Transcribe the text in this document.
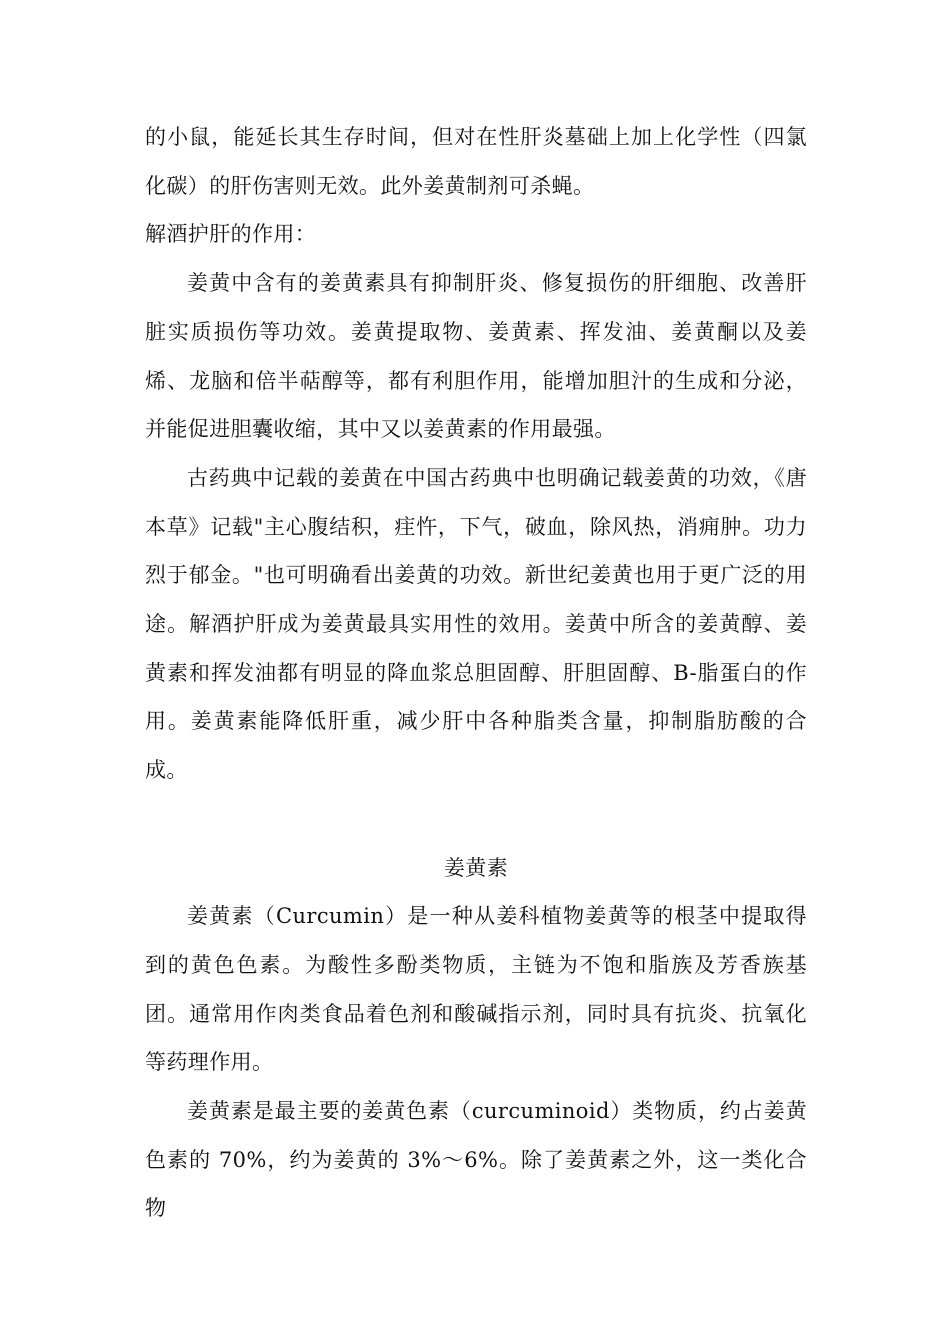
的小鼠，能延长其生存时间，但对在性肝炎墓础上加上化学性（四氯化碳）的肝伤害则无效。此外姜黄制剂可杀蝇。

解酒护肝的作用：

姜黄中含有的姜黄素具有抑制肝炎、修复损伤的肝细胞、改善肝脏实质损伤等功效。姜黄提取物、姜黄素、挥发油、姜黄酮以及姜烯、龙脑和倍半萜醇等，都有利胆作用，能增加胆汁的生成和分泌，并能促进胆囊收缩，其中又以姜黄素的作用最强。

古药典中记载的姜黄在中国古药典中也明确记载姜黄的功效，《唐本草》记载"主心腹结积，疰忤，下气，破血，除风热，消痈肿。功力烈于郁金。"也可明确看出姜黄的功效。新世纪姜黄也用于更广泛的用途。解酒护肝成为姜黄最具实用性的效用。姜黄中所含的姜黄醇、姜黄素和挥发油都有明显的降血浆总胆固醇、肝胆固醇、B-脂蛋白的作用。姜黄素能降低肝重，减少肝中各种脂类含量，抑制脂肪酸的合成。

姜黄素

姜黄素（Curcumin）是一种从姜科植物姜黄等的根茎中提取得到的黄色色素。为酸性多酚类物质，主链为不饱和脂族及芳香族基团。通常用作肉类食品着色剂和酸碱指示剂，同时具有抗炎、抗氧化等药理作用。

姜黄素是最主要的姜黄色素（curcuminoid）类物质，约占姜黄色素的 70%，约为姜黄的 3%～6%。除了姜黄素之外，这一类化合物
